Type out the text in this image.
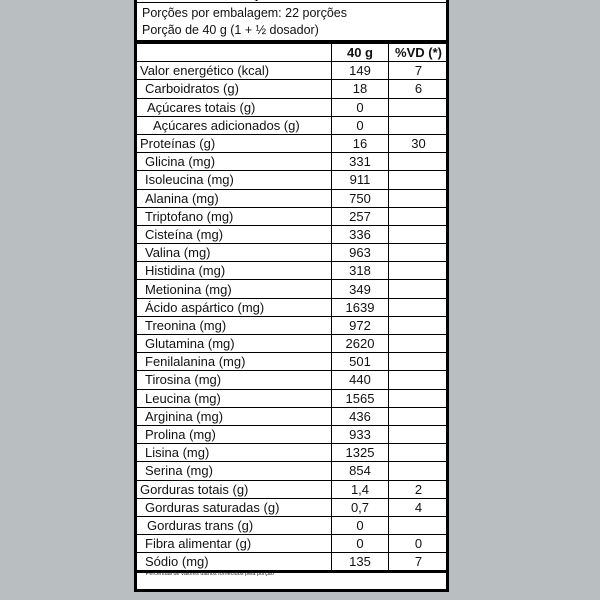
Porções por embalagem: 22 porções
Porção de 40 g (1 + ½ dosador)
	40 g	%VD (*)
Valor energético (kcal)	149	7
Carboidratos (g)	18	6
Açúcares totais (g)	0	
Açúcares adicionados (g)	0	
Proteínas (g)	16	30
Glicina (mg)	331	
Isoleucina (mg)	911	
Alanina (mg)	750	
Triptofano (mg)	257	
Cisteína (mg)	336	
Valina (mg)	963	
Histidina (mg)	318	
Metionina (mg)	349	
Ácido aspártico (mg)	1639	
Treonina (mg)	972	
Glutamina (mg)	2620	
Fenilalanina (mg)	501	
Tirosina (mg)	440	
Leucina (mg)	1565	
Arginina (mg)	436	
Prolina (mg)	933	
Lisina (mg)	1325	
Serina (mg)	854	
Gorduras totais (g)	1,4	2
Gorduras saturadas (g)	0,7	4
Gorduras trans (g)	0	
Fibra alimentar (g)	0	0
Sódio (mg)	135	7
* Percentual de valores diários fornecidos pela porção
